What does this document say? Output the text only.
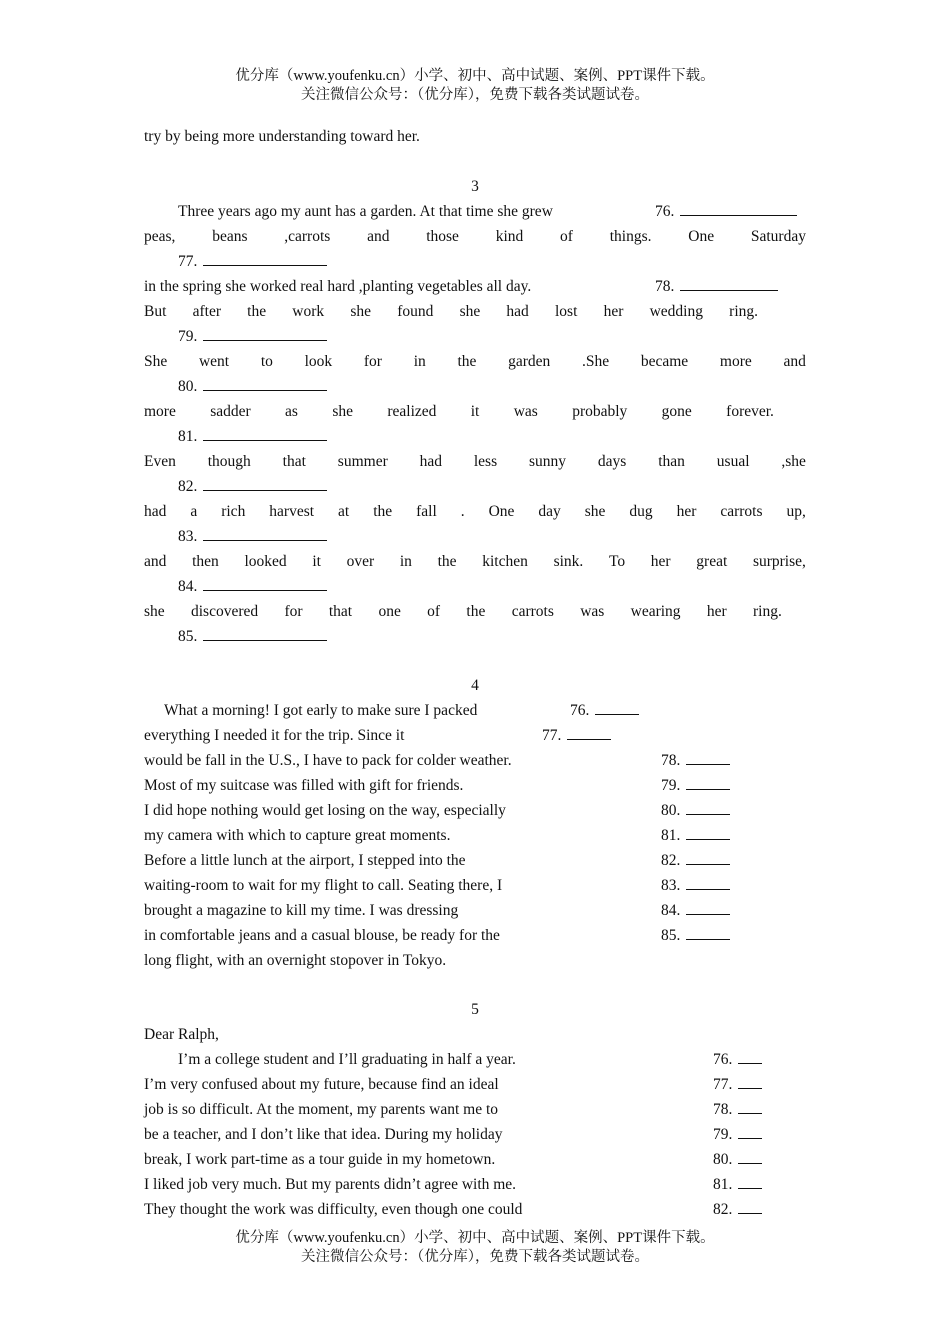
优分库（www.youfenku.cn）小学、初中、高中试题、案例、PPT课件下载。
关注微信公众号：（优分库），免费下载各类试题试卷。
try by being more understanding toward her.
3
Three years ago my aunt has a garden. At that time she grew	76.
peas, beans ,carrots and those kind of things. One Saturday
77.
in the spring she worked real hard ,planting vegetables all day.	78.
But after the work she found she had lost her wedding ring.
79.
She went to look for in the garden .She became more and
80.
more sadder as she realized it was probably gone forever.
81.
Even though that summer had less sunny days than usual ,she
82.
had a rich harvest at the fall . One day she dug her carrots up,
83.
and then looked it over in the kitchen sink. To her great surprise,
84.
she discovered for that one of the carrots was wearing her ring.
85.
4
What a morning! I got early to make sure I packed	76.
everything I needed it for the trip. Since it	77.
would be fall in the U.S., I have to pack for colder weather.	78.
Most of my suitcase was filled with gift for friends.	79.
I did hope nothing would get losing on the way, especially	80.
my camera with which to capture great moments.	81.
Before a little lunch at the airport, I stepped into the	82.
waiting-room to wait for my flight to call. Seating there, I	83.
brought a magazine to kill my time. I was dressing	84.
in comfortable jeans and a casual blouse, be ready for the	85.
long flight, with an overnight stopover in Tokyo.
5
Dear Ralph,
I’m a college student and I’ll graduating in half a year.	76.
I’m very confused about my future, because find an ideal	77.
job is so difficult. At the moment, my parents want me to	78.
be a teacher, and I don’t like that idea. During my holiday	79.
break, I work part-time as a tour guide in my hometown.	80.
I liked job very much. But my parents didn’t agree with me.	81.
They thought the work was difficulty, even though one could	82.
优分库（www.youfenku.cn）小学、初中、高中试题、案例、PPT课件下载。
关注微信公众号：（优分库），免费下载各类试题试卷。
